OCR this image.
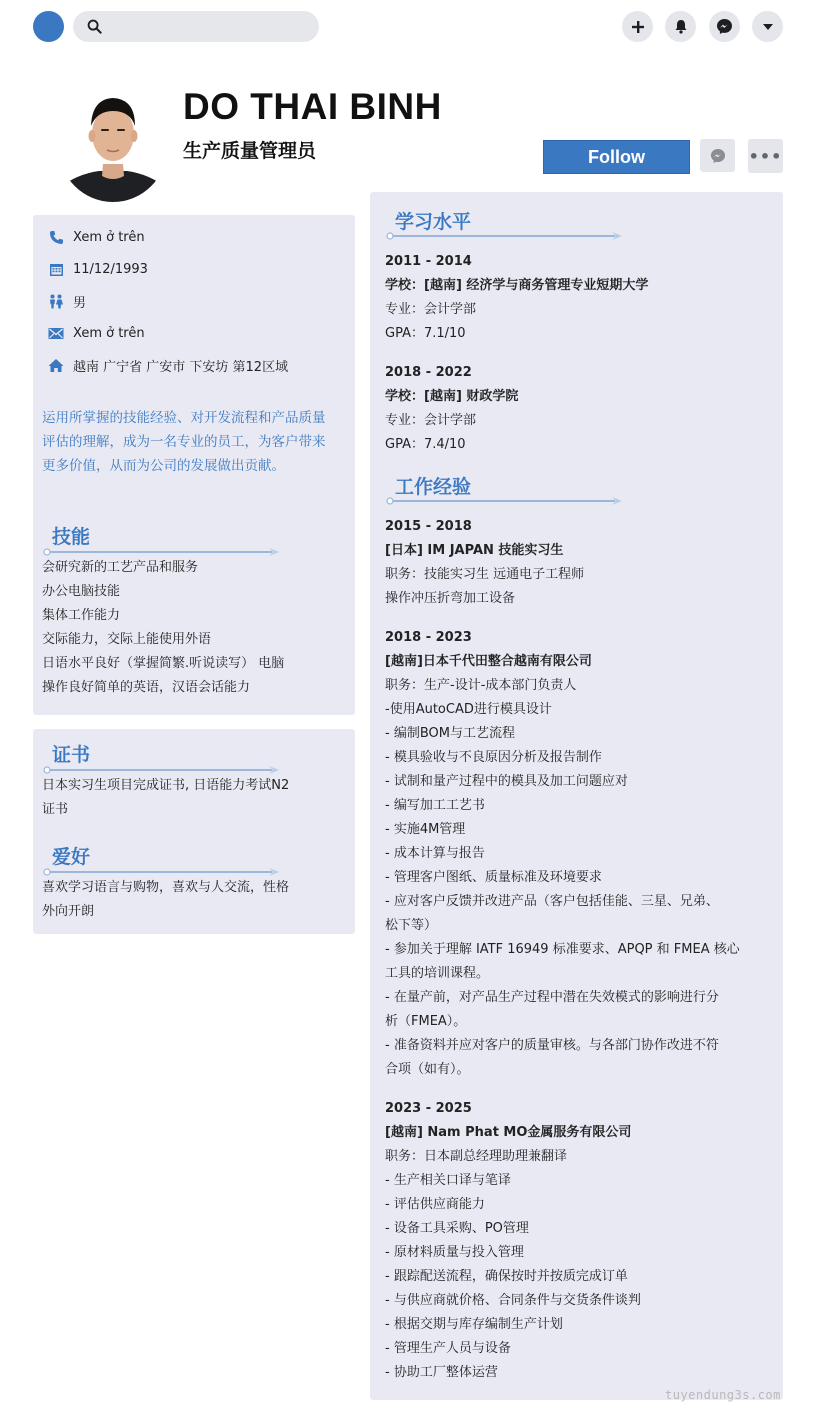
DO THAI BINH
生产质量管理员	Follow	•••
Xem ở trên
11/12/1993
男
Xem ở trên
越南 广宁省 广安市 下安坊 第12区域
运用所掌握的技能经验、对开发流程和产品质量评估的理解，成为一名专业的员工，为客户带来更多价值，从而为公司的发展做出贡献。
技能
会研究新的工艺产品和服务
办公电脑技能
集体工作能力
交际能力，交际上能使用外语
日语水平良好（掌握简繁.听说读写） 电脑
操作良好简单的英语，汉语会话能力
证书
日本实习生项目完成证书, 日语能力考试N2
证书
爱好
喜欢学习语言与购物，喜欢与人交流，性格
外向开朗
学习水平
2011 - 2014
学校：[越南] 经济学与商务管理专业短期大学
专业：会计学部
GPA：7.1/10
2018 - 2022
学校：[越南] 财政学院
专业：会计学部
GPA：7.4/10
工作经验
2015 - 2018
[日本] IM JAPAN 技能实习生
职务：技能实习生 远通电子工程师
操作冲压折弯加工设备
2018 - 2023
[越南]日本千代田整合越南有限公司
职务：生产-设计-成本部门负责人
-使用AutoCAD进行模具设计
- 编制BOM与工艺流程
- 模具验收与不良原因分析及报告制作
- 试制和量产过程中的模具及加工问题应对
- 编写加工工艺书
- 实施4M管理
- 成本计算与报告
- 管理客户图纸、质量标准及环境要求
- 应对客户反馈并改进产品（客户包括佳能、三星、兄弟、
松下等）
- 参加关于理解 IATF 16949 标准要求、APQP 和 FMEA 核心
工具的培训课程。
- 在量产前，对产品生产过程中潜在失效模式的影响进行分
析（FMEA）。
- 准备资料并应对客户的质量审核。与各部门协作改进不符
合项（如有）。
2023 - 2025
[越南] Nam Phat MO金属服务有限公司
职务：日本副总经理助理兼翻译
- 生产相关口译与笔译
- 评估供应商能力
- 设备工具采购、PO管理
- 原材料质量与投入管理
- 跟踪配送流程，确保按时并按质完成订单
- 与供应商就价格、合同条件与交货条件谈判
- 根据交期与库存编制生产计划
- 管理生产人员与设备
- 协助工厂整体运营
tuyendung3s.com
